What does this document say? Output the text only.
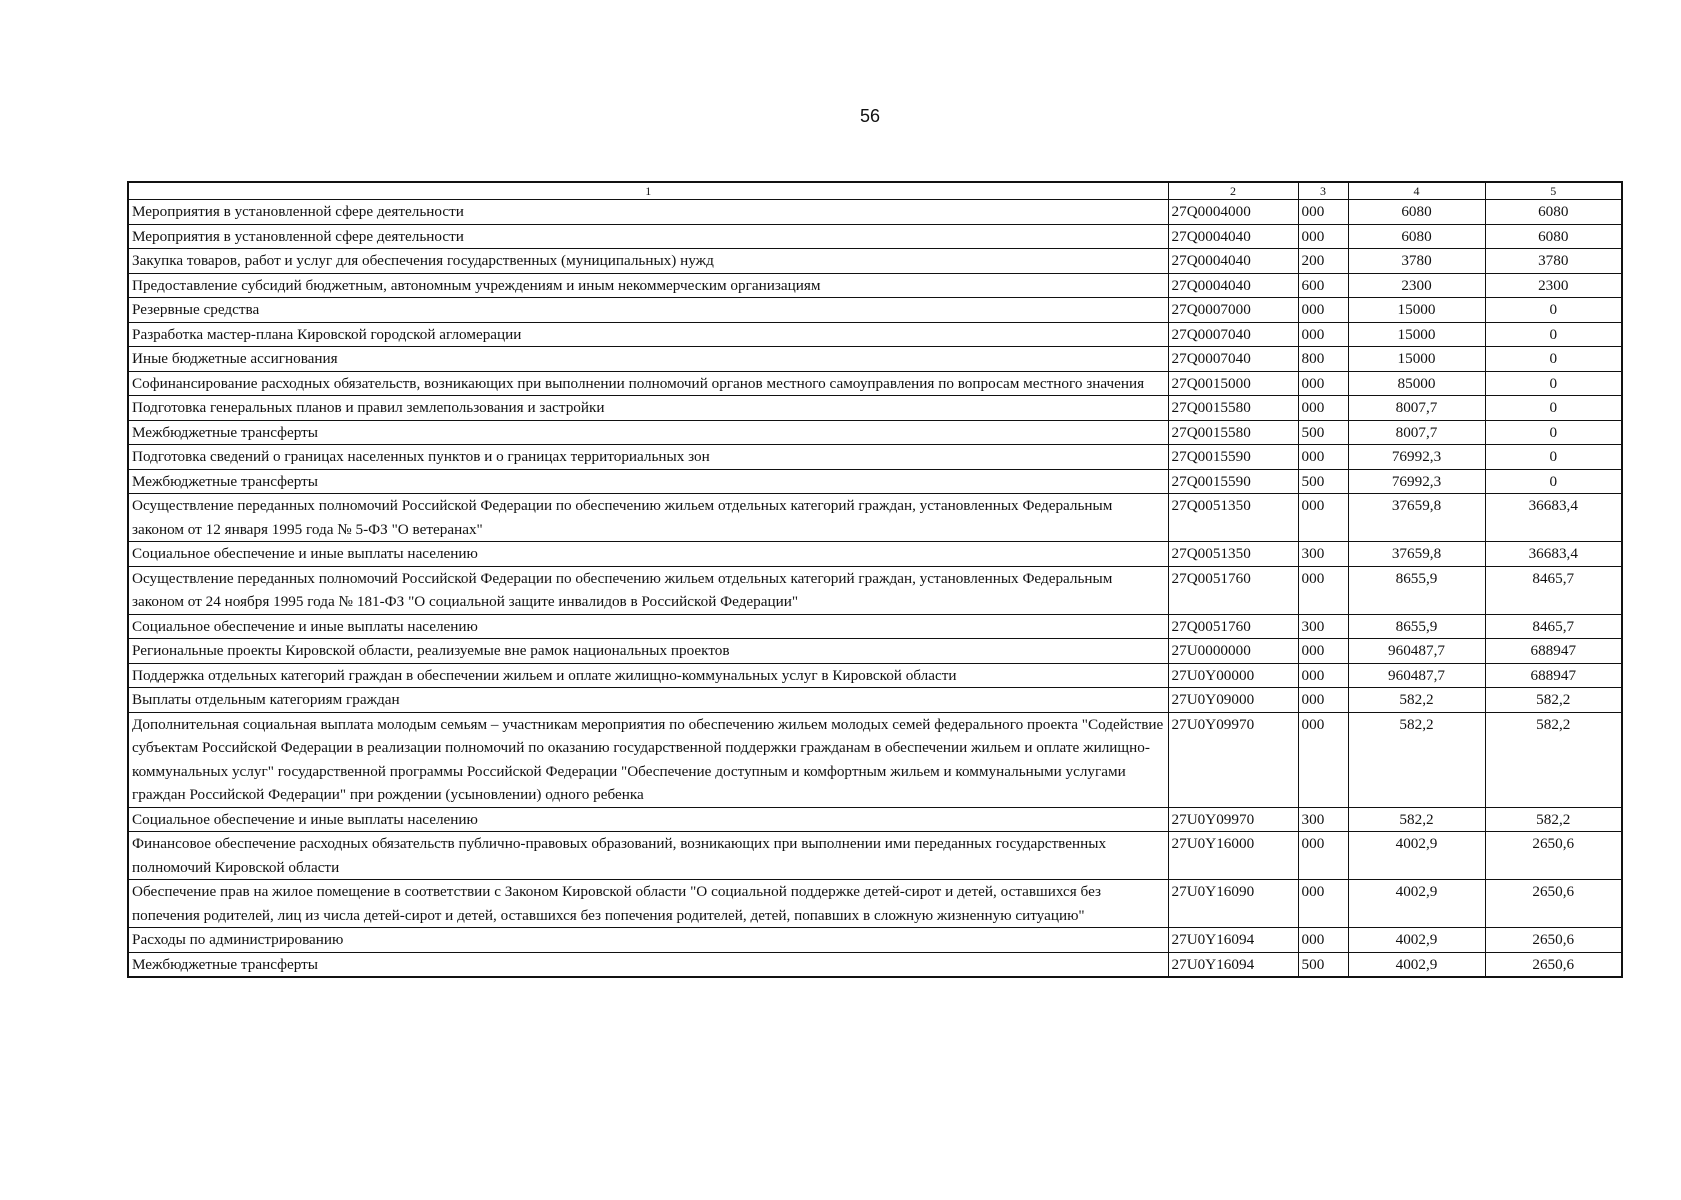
56
1	2	3	4	5
Мероприятия в установленной сфере деятельности	27Q0004000	000	6080	6080
Мероприятия в установленной сфере деятельности	27Q0004040	000	6080	6080
Закупка товаров, работ и услуг для обеспечения государственных (муниципальных) нужд	27Q0004040	200	3780	3780
Предоставление субсидий бюджетным, автономным учреждениям и иным некоммерческим организациям	27Q0004040	600	2300	2300
Резервные средства	27Q0007000	000	15000	0
Разработка мастер-плана Кировской городской агломерации	27Q0007040	000	15000	0
Иные бюджетные ассигнования	27Q0007040	800	15000	0
Софинансирование расходных обязательств, возникающих при выполнении полномочий органов местного самоуправления по вопросам местного значения	27Q0015000	000	85000	0
Подготовка генеральных планов и правил землепользования и застройки	27Q0015580	000	8007,7	0
Межбюджетные трансферты	27Q0015580	500	8007,7	0
Подготовка сведений о границах населенных пунктов и о границах территориальных зон	27Q0015590	000	76992,3	0
Межбюджетные трансферты	27Q0015590	500	76992,3	0
Осуществление переданных полномочий Российской Федерации по обеспечению жильем отдельных категорий граждан, установленных Федеральным законом от 12 января 1995 года № 5-ФЗ "О ветеранах"	27Q0051350	000	37659,8	36683,4
Социальное обеспечение и иные выплаты населению	27Q0051350	300	37659,8	36683,4
Осуществление переданных полномочий Российской Федерации по обеспечению жильем отдельных категорий граждан, установленных Федеральным законом от 24 ноября 1995 года № 181-ФЗ "О социальной защите инвалидов в Российской Федерации"	27Q0051760	000	8655,9	8465,7
Социальное обеспечение и иные выплаты населению	27Q0051760	300	8655,9	8465,7
Региональные проекты Кировской области, реализуемые вне рамок национальных проектов	27U0000000	000	960487,7	688947
Поддержка отдельных категорий граждан в обеспечении жильем и оплате жилищно-коммунальных услуг в Кировской области	27U0Y00000	000	960487,7	688947
Выплаты отдельным категориям граждан	27U0Y09000	000	582,2	582,2
Дополнительная социальная выплата молодым семьям – участникам мероприятия по обеспечению жильем молодых семей федерального проекта "Содействие субъектам Российской Федерации в реализации полномочий по оказанию государственной поддержки гражданам в обеспечении жильем и оплате жилищно-коммунальных услуг" государственной программы Российской Федерации "Обеспечение доступным и комфортным жильем и коммунальными услугами граждан Российской Федерации" при рождении (усыновлении) одного ребенка	27U0Y09970	000	582,2	582,2
Социальное обеспечение и иные выплаты населению	27U0Y09970	300	582,2	582,2
Финансовое обеспечение расходных обязательств публично-правовых образований, возникающих при выполнении ими переданных государственных полномочий Кировской области	27U0Y16000	000	4002,9	2650,6
Обеспечение прав на жилое помещение в соответствии с Законом Кировской области "О социальной поддержке детей-сирот и детей, оставшихся без попечения родителей, лиц из числа детей-сирот и детей, оставшихся без попечения родителей, детей, попавших в сложную жизненную ситуацию"	27U0Y16090	000	4002,9	2650,6
Расходы по администрированию	27U0Y16094	000	4002,9	2650,6
Межбюджетные трансферты	27U0Y16094	500	4002,9	2650,6
